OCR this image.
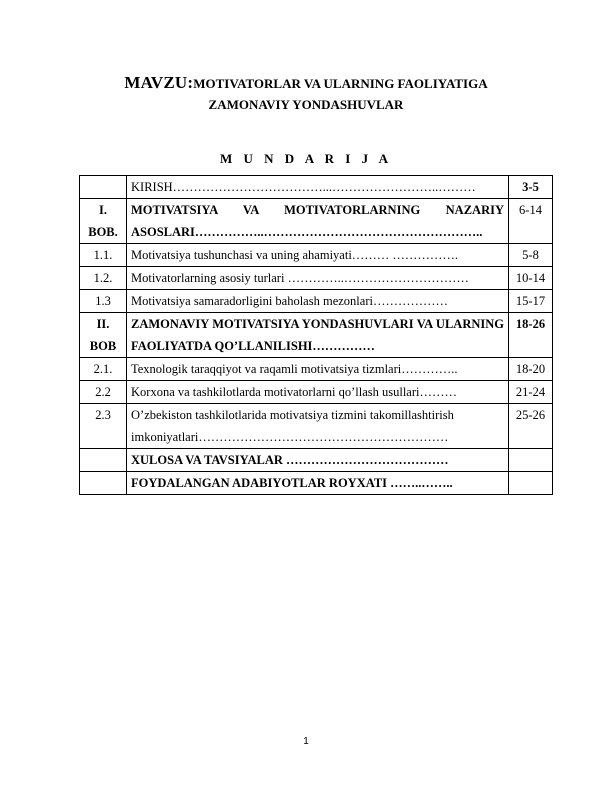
MAVZU:MOTIVATORLAR VA ULARNING FAOLIYATIGA
ZAMONAVIY YONDASHUVLAR
M U N D A R I J A
	KIRISH………………………………...……………………..………	3-5

I.
BOB.	MOTIVATSIYA VA MOTIVATORLARNING NAZARIY ASOSLARI……………..……………………………………………..	6-14
1.1.	Motivatsiya tushunchasi va uning ahamiyati……… …………….	5-8
1.2.	Motivatorlarning asosiy turlari …………..…………………………	10-14
1.3	Motivatsiya samaradorligini baholash mezonlari………………	15-17

II.
BOB	ZAMONAVIY MOTIVATSIYA YONDASHUVLARI VA ULARNING FAOLIYATDA QO’LLANILISHI……………	18-26
2.1.	Texnologik taraqqiyot va raqamli motivatsiya tizmlari…………..	18-20
2.2	Korxona va tashkilotlarda motivatorlarni qo’llash usullari………	21-24
2.3	O’zbekiston tashkilotlarida motivatsiya tizmini takomillashtirish imkoniyatlari……………………………………………………	25-26
	XULOSA VA TAVSIYALAR …………………………………	
	FOYDALANGAN ADABIYOTLAR ROYXATI ……..……..	
1
